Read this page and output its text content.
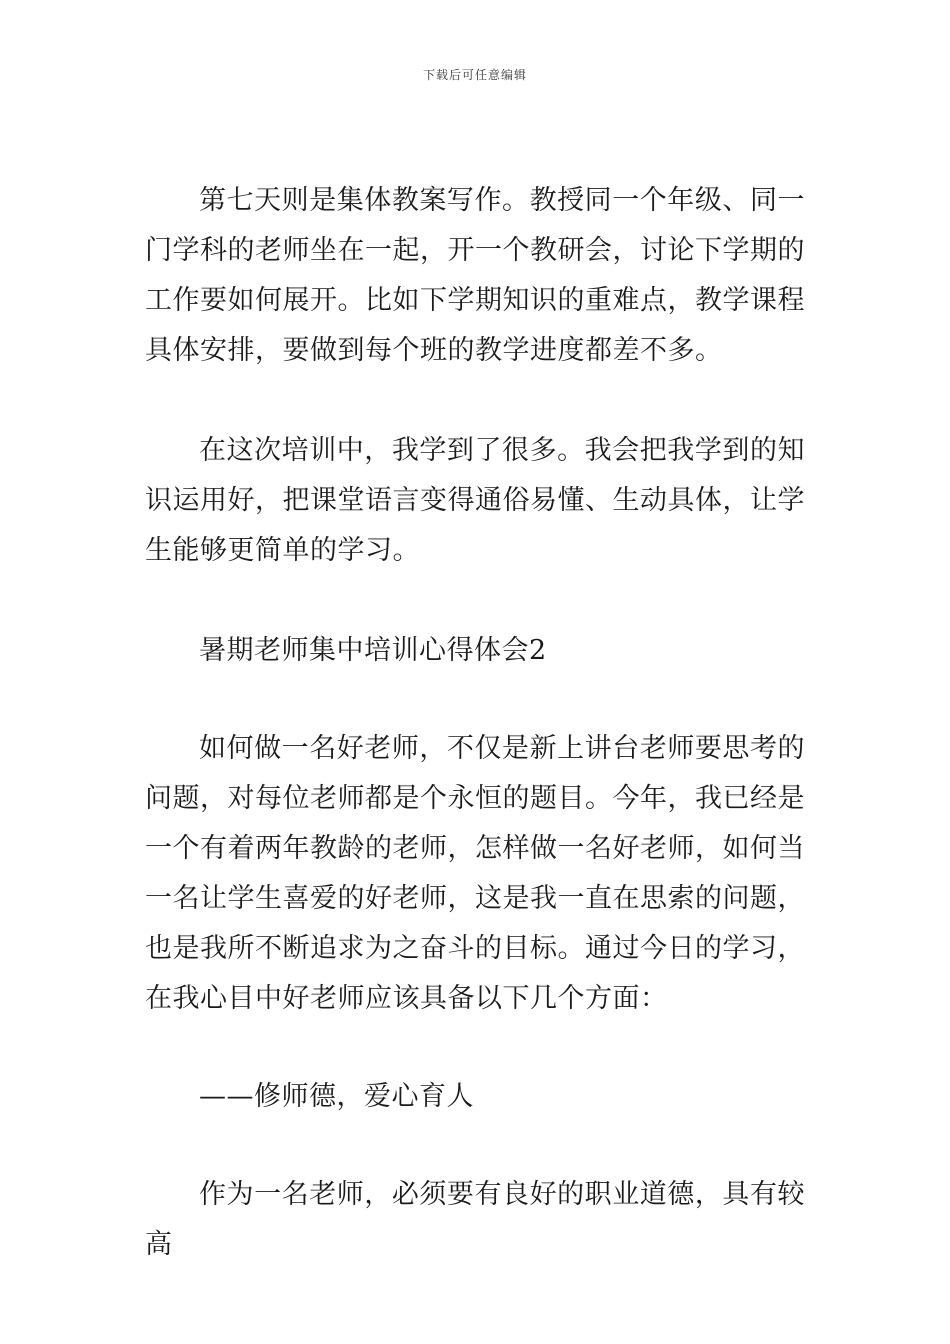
下载后可任意编辑

第七天则是集体教案写作。教授同一个年级、同一门学科的老师坐在一起，开一个教研会，讨论下学期的工作要如何展开。比如下学期知识的重难点，教学课程具体安排，要做到每个班的教学进度都差不多。

在这次培训中，我学到了很多。我会把我学到的知识运用好，把课堂语言变得通俗易懂、生动具体，让学生能够更简单的学习。

暑期老师集中培训心得体会2

如何做一名好老师，不仅是新上讲台老师要思考的问题，对每位老师都是个永恒的题目。今年，我已经是一个有着两年教龄的老师，怎样做一名好老师，如何当一名让学生喜爱的好老师，这是我一直在思索的问题，也是我所不断追求为之奋斗的目标。通过今日的学习，在我心目中好老师应该具备以下几个方面：

——修师德，爱心育人

作为一名老师，必须要有良好的职业道德，具有较高
